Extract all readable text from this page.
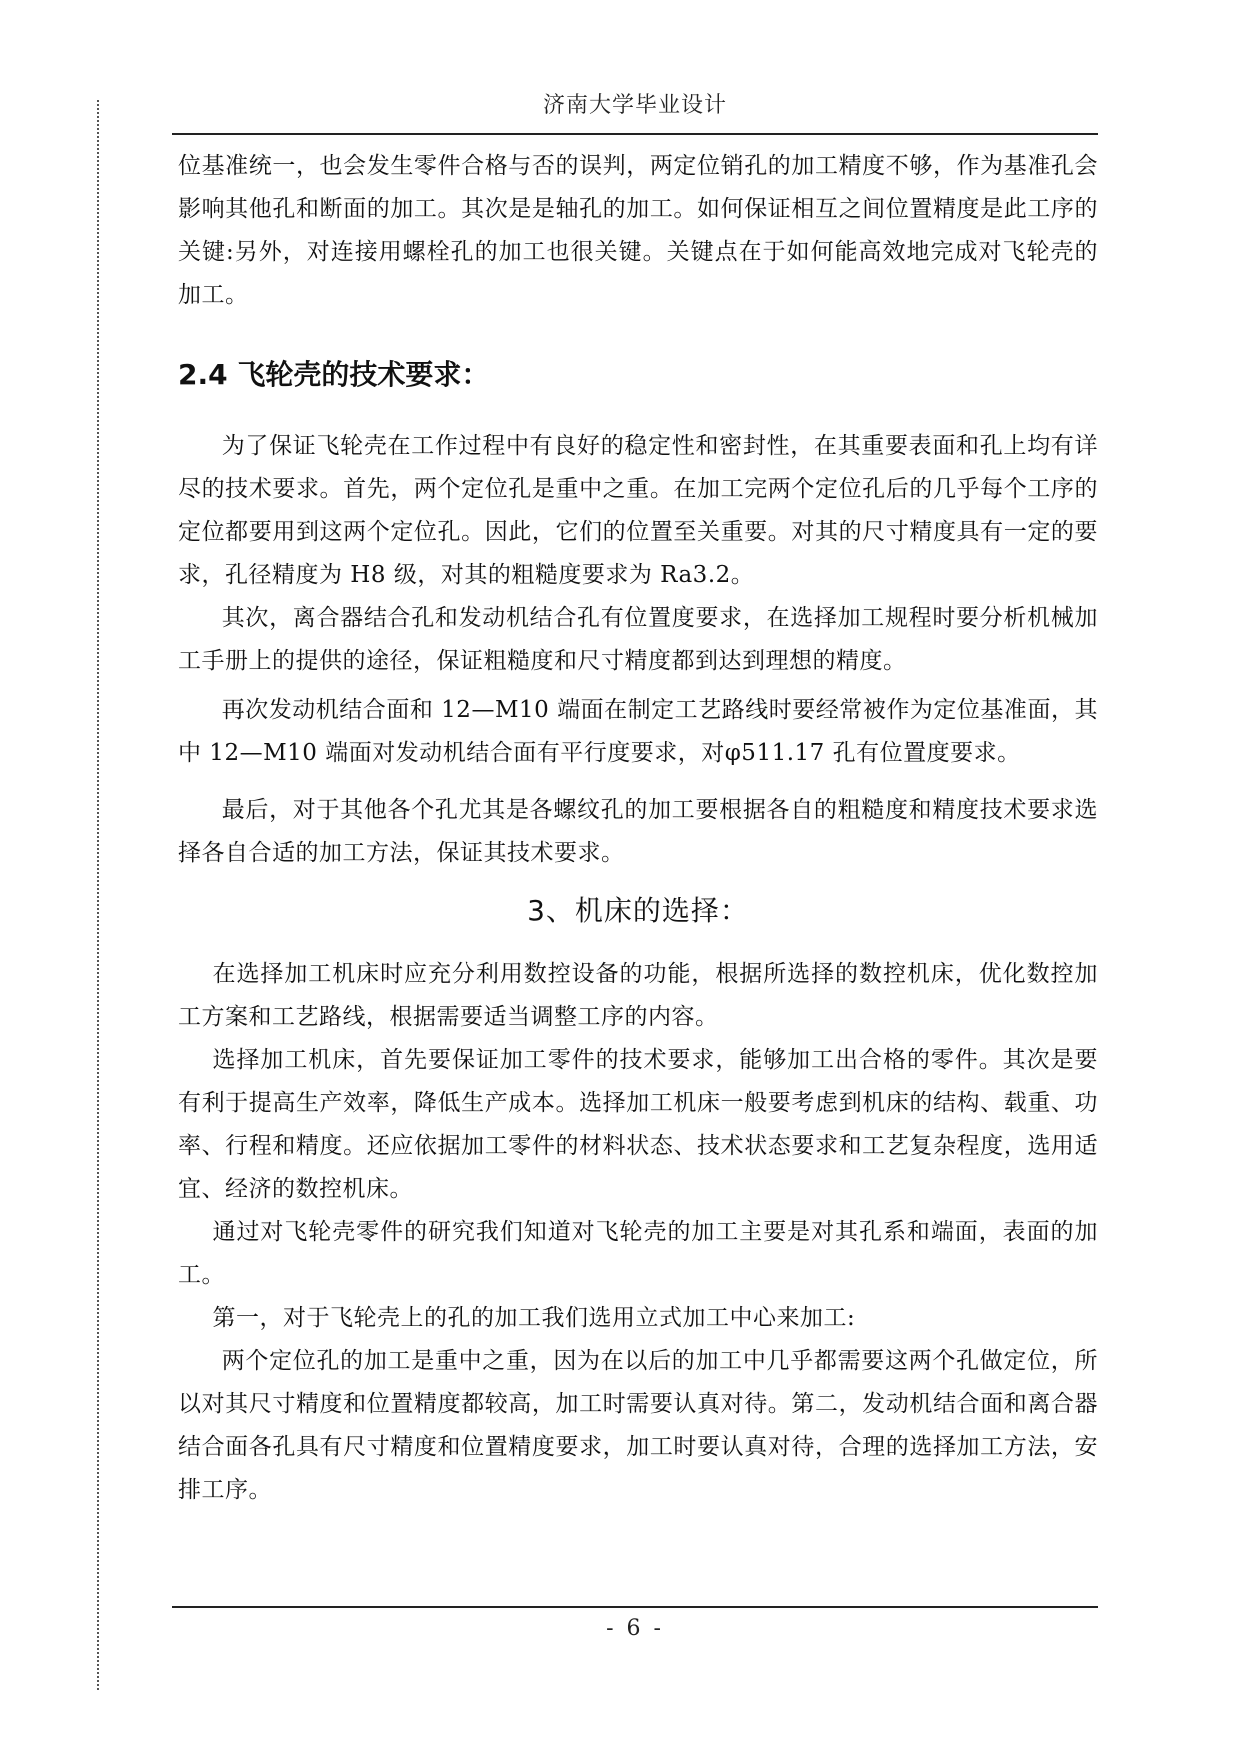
济南大学毕业设计

位基准统一，也会发生零件合格与否的误判，两定位销孔的加工精度不够，作为基准孔会影响其他孔和断面的加工。其次是是轴孔的加工。如何保证相互之间位置精度是此工序的关键:另外，对连接用螺栓孔的加工也很关键。关键点在于如何能高效地完成对飞轮壳的加工。

2.4 飞轮壳的技术要求：

为了保证飞轮壳在工作过程中有良好的稳定性和密封性，在其重要表面和孔上均有详尽的技术要求。首先，两个定位孔是重中之重。在加工完两个定位孔后的几乎每个工序的定位都要用到这两个定位孔。因此，它们的位置至关重要。对其的尺寸精度具有一定的要求，孔径精度为 H8 级，对其的粗糙度要求为 Ra3.2。

其次，离合器结合孔和发动机结合孔有位置度要求，在选择加工规程时要分析机械加工手册上的提供的途径，保证粗糙度和尺寸精度都到达到理想的精度。

再次发动机结合面和 12—M10 端面在制定工艺路线时要经常被作为定位基准面，其中 12—M10 端面对发动机结合面有平行度要求，对φ511.17 孔有位置度要求。

最后，对于其他各个孔尤其是各螺纹孔的加工要根据各自的粗糙度和精度技术要求选择各自合适的加工方法，保证其技术要求。

3、机床的选择：

在选择加工机床时应充分利用数控设备的功能，根据所选择的数控机床，优化数控加工方案和工艺路线，根据需要适当调整工序的内容。

选择加工机床，首先要保证加工零件的技术要求，能够加工出合格的零件。其次是要有利于提高生产效率，降低生产成本。选择加工机床一般要考虑到机床的结构、载重、功率、行程和精度。还应依据加工零件的材料状态、技术状态要求和工艺复杂程度，选用适宜、经济的数控机床。

通过对飞轮壳零件的研究我们知道对飞轮壳的加工主要是对其孔系和端面，表面的加工。

第一，对于飞轮壳上的孔的加工我们选用立式加工中心来加工:

两个定位孔的加工是重中之重，因为在以后的加工中几乎都需要这两个孔做定位，所以对其尺寸精度和位置精度都较高，加工时需要认真对待。第二，发动机结合面和离合器结合面各孔具有尺寸精度和位置精度要求，加工时要认真对待，合理的选择加工方法，安排工序。

- 6 -
